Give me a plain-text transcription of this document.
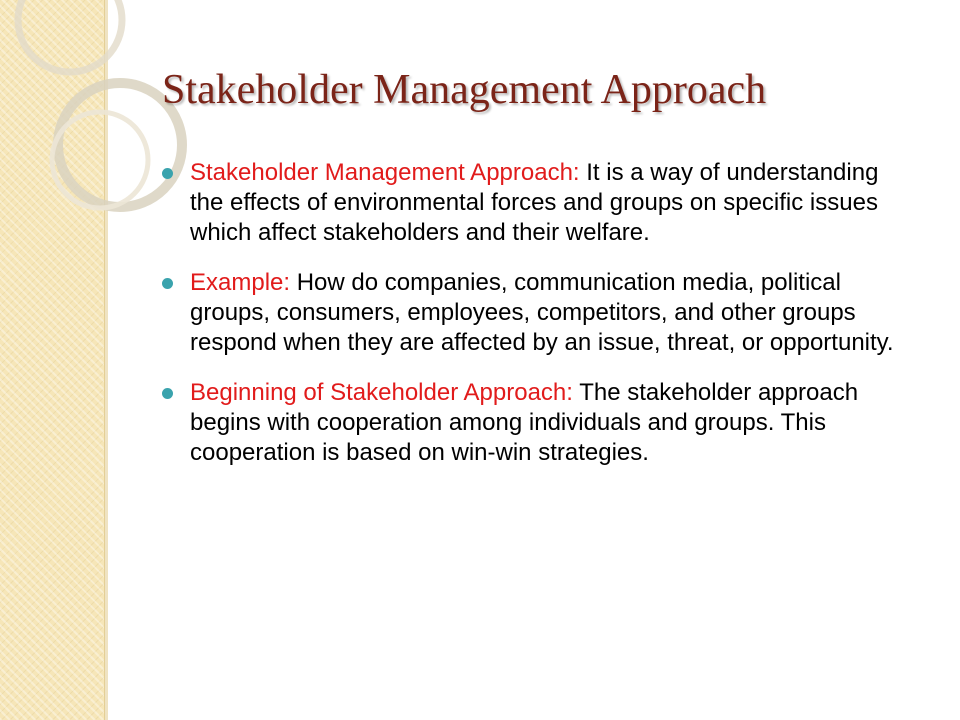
Stakeholder Management Approach
Stakeholder Management Approach: It is a way of understanding the effects of environmental forces and groups on specific issues which affect stakeholders and their welfare.
Example: How do companies, communication media, political groups, consumers, employees, competitors, and other groups respond when they are affected by an issue, threat, or opportunity.
Beginning of Stakeholder Approach: The stakeholder approach begins with cooperation among individuals and groups. This cooperation is based on win-win strategies.
